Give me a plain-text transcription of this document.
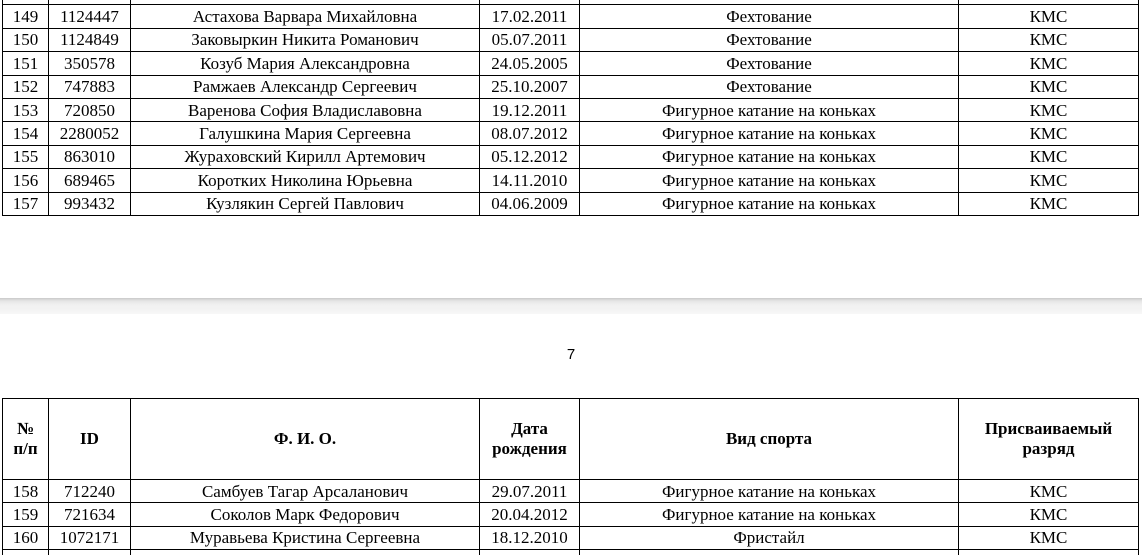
149	1124447	Астахова Варвара Михайловна	17.02.2011	Фехтование	КМС
150	1124849	Заковыркин Никита Романович	05.07.2011	Фехтование	КМС
151	350578	Козуб Мария Александровна	24.05.2005	Фехтование	КМС
152	747883	Рамжаев Александр Сергеевич	25.10.2007	Фехтование	КМС
153	720850	Варенова София Владиславовна	19.12.2011	Фигурное катание на коньках	КМС
154	2280052	Галушкина Мария Сергеевна	08.07.2012	Фигурное катание на коньках	КМС
155	863010	Жураховский Кирилл Артемович	05.12.2012	Фигурное катание на коньках	КМС
156	689465	Коротких Николина Юрьевна	14.11.2010	Фигурное катание на коньках	КМС
157	993432	Кузлякин Сергей Павлович	04.06.2009	Фигурное катание на коньках	КМС
7
№ п/п	ID	Ф. И. О.	Дата рождения	Вид спорта	Присваиваемый разряд
158	712240	Самбуев Тагар Арсаланович	29.07.2011	Фигурное катание на коньках	КМС
159	721634	Соколов Марк Федорович	20.04.2012	Фигурное катание на коньках	КМС
160	1072171	Муравьева Кристина Сергеевна	18.12.2010	Фристайл	КМС
